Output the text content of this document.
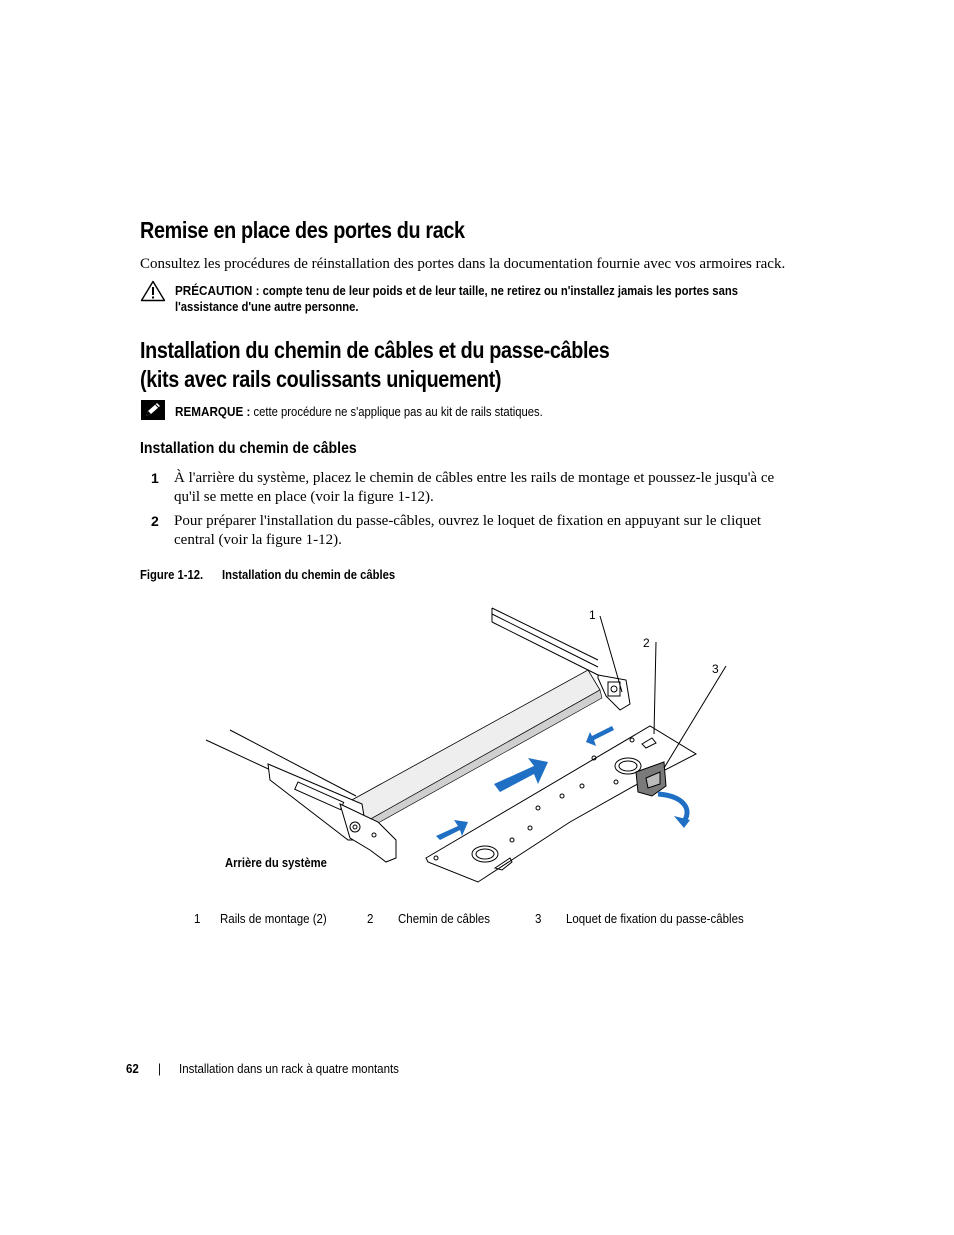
Remise en place des portes du rack
Consultez les procédures de réinstallation des portes dans la documentation fournie avec vos armoires rack.
PRÉCAUTION : compte tenu de leur poids et de leur taille, ne retirez ou n'installez jamais les portes sans
l'assistance d'une autre personne.
Installation du chemin de câbles et du passe-câbles
(kits avec rails coulissants uniquement)
REMARQUE : cette procédure ne s'applique pas au kit de rails statiques.
Installation du chemin de câbles
1 À l'arrière du système, placez le chemin de câbles entre les rails de montage et poussez-le jusqu'à ce
qu'il se mette en place (voir la figure 1-12).
2 Pour préparer l'installation du passe-câbles, ouvrez le loquet de fixation en appuyant sur le cliquet
central (voir la figure 1-12).
Figure 1-12. Installation du chemin de câbles
1
2
3
Arrière du système
1 Rails de montage (2)	2 Chemin de câbles	3 Loquet de fixation du passe-câbles
62 | Installation dans un rack à quatre montants
